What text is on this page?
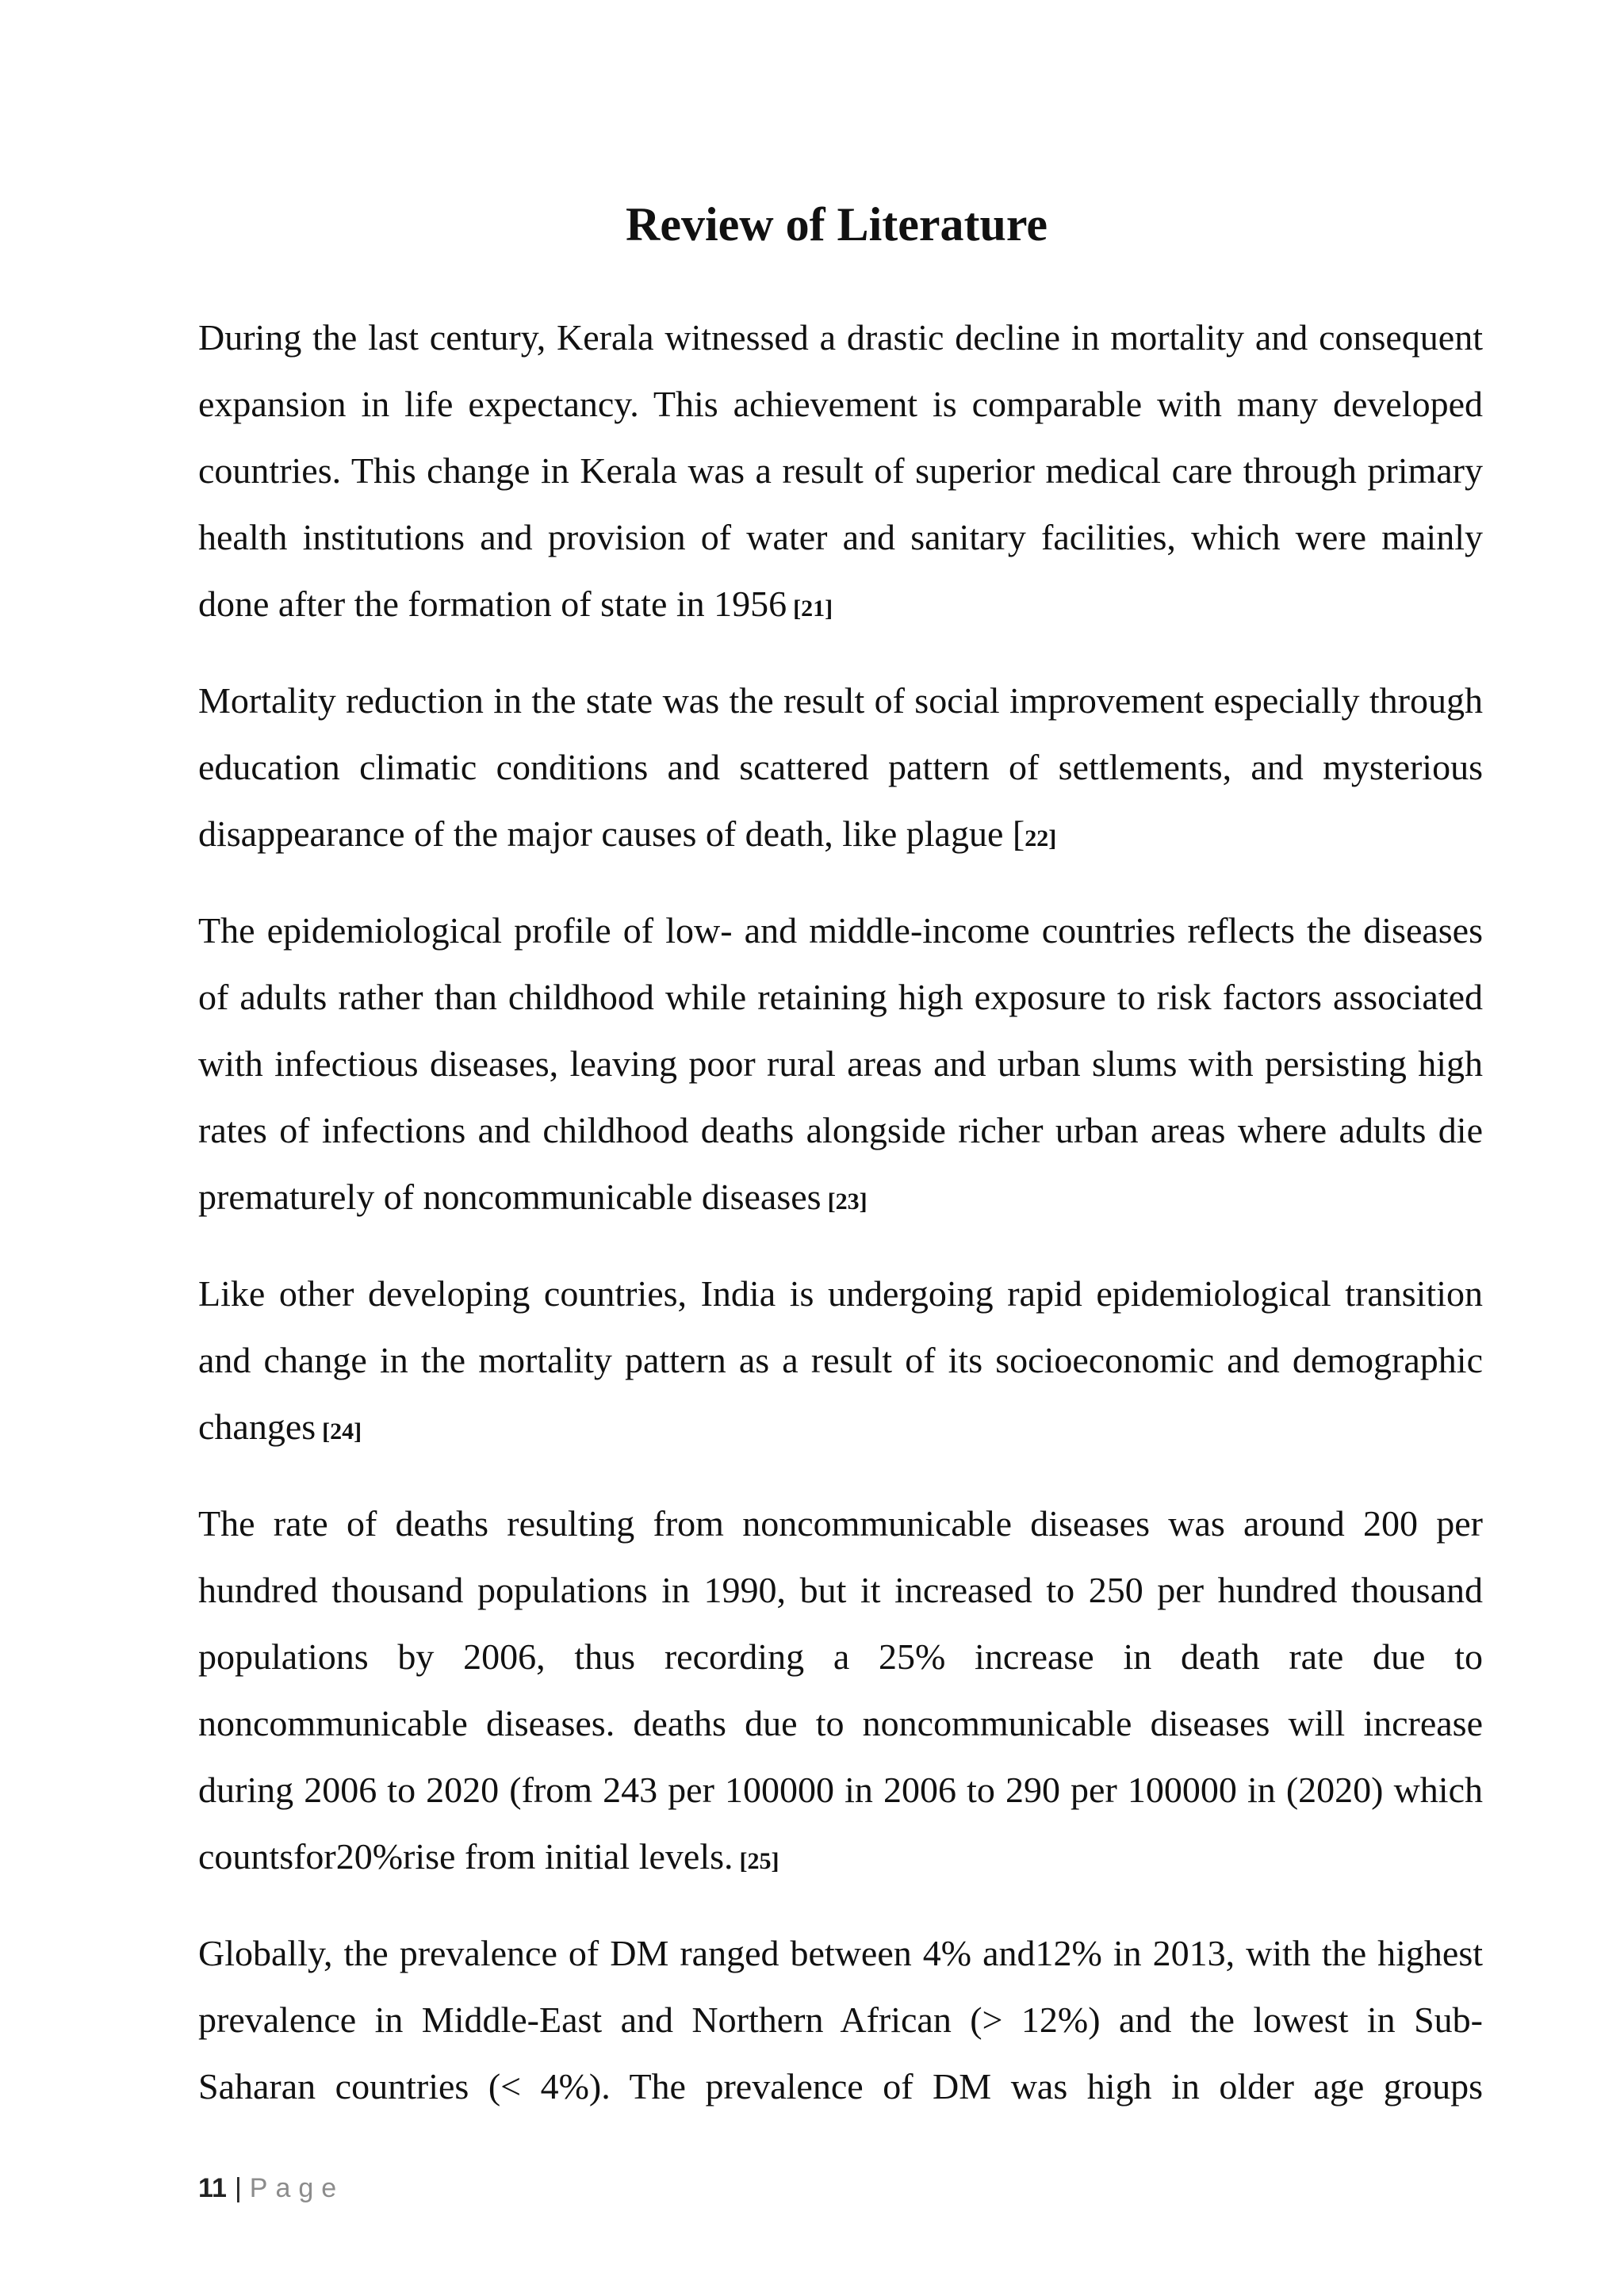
Review of Literature

During the last century, Kerala witnessed a drastic decline in mortality and consequent expansion in life expectancy. This achievement is comparable with many developed countries. This change in Kerala was a result of superior medical care through primary health institutions and provision of water and sanitary facilities, which were mainly done after the formation of state in 1956 [21]

Mortality reduction in the state was the result of social improvement especially through education climatic conditions and scattered pattern of settlements, and mysterious disappearance of the major causes of death, like plague [22]

The epidemiological profile of low- and middle-income countries reflects the diseases of adults rather than childhood while retaining high exposure to risk factors associated with infectious diseases, leaving poor rural areas and urban slums with persisting high rates of infections and childhood deaths alongside richer urban areas where adults die prematurely of noncommunicable diseases [23]

Like other developing countries, India is undergoing rapid epidemiological transition and change in the mortality pattern as a result of its socioeconomic and demographic changes [24]

The rate of deaths resulting from noncommunicable diseases was around 200 per hundred thousand populations in 1990, but it increased to 250 per hundred thousand populations by 2006, thus recording a 25% increase in death rate due to noncommunicable diseases. deaths due to noncommunicable diseases will increase during 2006 to 2020 (from 243 per 100000 in 2006 to 290 per 100000 in (2020) which countsfor20%rise from initial levels. [25]

Globally, the prevalence of DM ranged between 4% and12% in 2013, with the highest prevalence in Middle-East and Northern African (> 12%) and the lowest in Sub-Saharan countries (< 4%). The prevalence of DM was high in older age groups

11 | Page
